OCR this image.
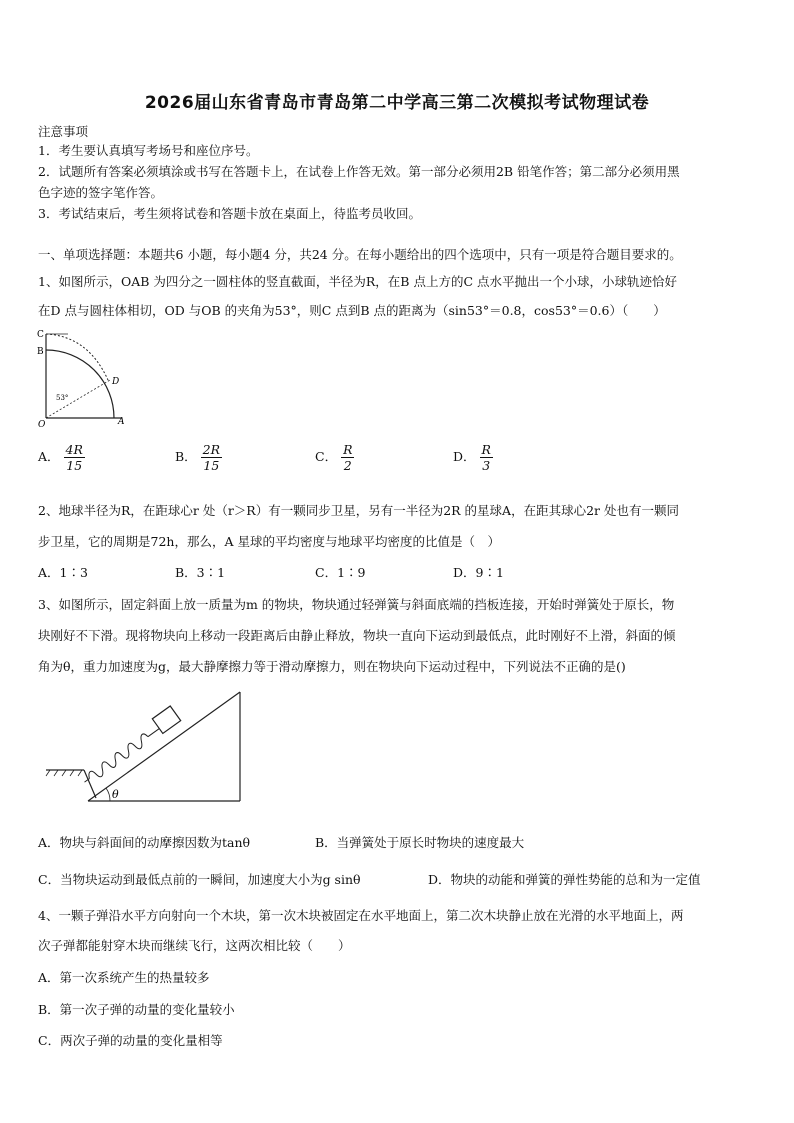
2026届山东省青岛市青岛第二中学高三第二次模拟考试物理试卷
注意事项
1．考生要认真填写考场号和座位序号。
2．试题所有答案必须填涂或书写在答题卡上，在试卷上作答无效。第一部分必须用2B 铅笔作答；第二部分必须用黑
色字迹的签字笔作答。
3．考试结束后，考生须将试卷和答题卡放在桌面上，待监考员收回。
一、单项选择题：本题共6 小题，每小题4 分，共24 分。在每小题给出的四个选项中，只有一项是符合题目要求的。
1、如图所示，OAB 为四分之一圆柱体的竖直截面，半径为R，在B 点上方的C 点水平抛出一个小球，小球轨迹恰好
在D 点与圆柱体相切，OD 与OB 的夹角为53°，则C 点到B 点的距离为（sin53°＝0.8，cos53°＝0.6）（　　）
C
B
D
O	A
53°
A． $\frac{4R}{15}$	B． $\frac{2R}{15}$	C． $\frac{R}{2}$	D． $\frac{R}{3}$
2、地球半径为R，在距球心r 处（r＞R）有一颗同步卫星，另有一半径为2R 的星球A，在距其球心2r 处也有一颗同
步卫星，它的周期是72h，那么，A 星球的平均密度与地球平均密度的比值是（　）
A．1∶3	B．3∶1	C．1∶9	D．9∶1
3、如图所示，固定斜面上放一质量为m 的物块，物块通过轻弹簧与斜面底端的挡板连接，开始时弹簧处于原长，物
块刚好不下滑。现将物块向上移动一段距离后由静止释放，物块一直向下运动到最低点，此时刚好不上滑，斜面的倾
角为θ，重力加速度为g，最大静摩擦力等于滑动摩擦力，则在物块向下运动过程中，下列说法不正确的是()
θ
A．物块与斜面间的动摩擦因数为tanθ	B．当弹簧处于原长时物块的速度最大
C．当物块运动到最低点前的一瞬间，加速度大小为g sinθ	D．物块的动能和弹簧的弹性势能的总和为一定值
4、一颗子弹沿水平方向射向一个木块，第一次木块被固定在水平地面上，第二次木块静止放在光滑的水平地面上，两
次子弹都能射穿木块而继续飞行，这两次相比较（　　）
A．第一次系统产生的热量较多
B．第一次子弹的动量的变化量较小
C．两次子弹的动量的变化量相等
